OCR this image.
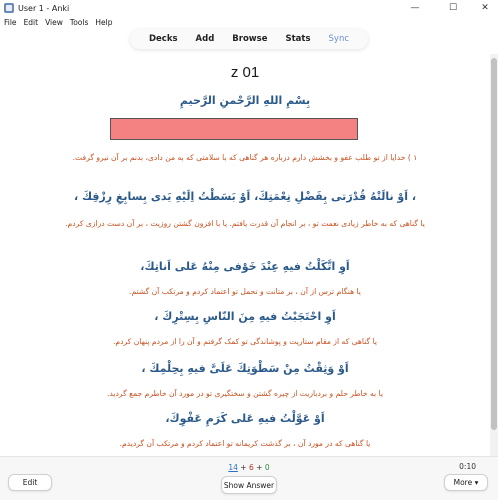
User 1 - Anki	—	☐	✕
File Edit View Tools Help
Decks	Add	Browse	Stats	Sync
z 01
بِسْمِ اللهِ الرَّحْمنِ الرَّحيمِ
١ ) خدایا از تو طلب عفو و بخشش دارم درباره هر گناهی که با سلامتی که به من دادی، بدنم بر آن نیرو گرفت.
، اَوْ نالَتْهُ قُدْرَتى بِفَضْلِ نِعْمَتِكَ، اَوْ بَسَطْتُ اِلَيْهِ يَدى بِسابِغِ رِزْقِكَ ،
یا گناهی که به خاطر زیادی نعمت تو ، بر انجام آن قدرت یافتم. یا با افزون گشتن روزیت ، بر آن دست درازی کردم.
اَوِ اتَّكَلْتُ فيهِ عِنْدَ خَوْفى مِنْهُ عَلى اَناتِكَ،
یا هنگام ترس از آن ، بر متانت و تحمل تو اعتماد کردم و مرتکب آن گشتم.
اَوِ احْتَجَبْتُ فيهِ مِنَ النّاسِ بِسِتْرِكَ ،
یا گناهی که از مقام ستاریت و پوشاندگی تو کمک گرفتم و آن را از مردم پنهان کردم.
اَوْ وَثِقْتُ مِنْ سَطْوَتِكَ عَلَىَّ فيهِ بِحِلْمِكَ ،
یا به خاطر حلم و بردباریت از چیره گشتن و سختگیری تو در مورد آن خاطرم جمع گردید.
اَوْ عَوَّلْتُ فيهِ عَلى كَرَمِ عَفْوِكَ،
یا گناهی که در مورد آن ، بر گذشت کریمانه تو اعتماد کردم و مرتکب آن گردیدم.
14 + 6 + 0	0:10
Edit	Show Answer	More ▾
